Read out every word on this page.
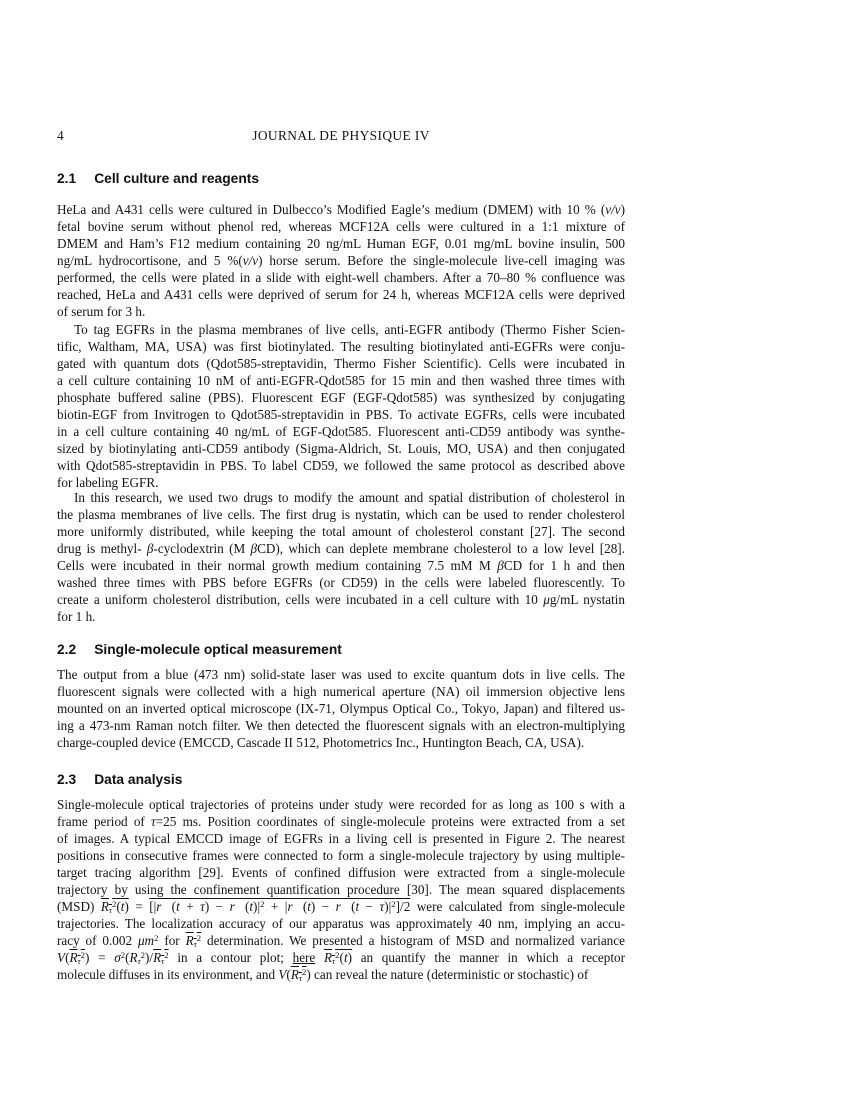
4	JOURNAL DE PHYSIQUE IV
2.1 Cell culture and reagents
HeLa and A431 cells were cultured in Dulbecco’s Modified Eagle’s medium (DMEM) with 10 % (v/v)
fetal bovine serum without phenol red, whereas MCF12A cells were cultured in a 1:1 mixture of
DMEM and Ham’s F12 medium containing 20 ng/mL Human EGF, 0.01 mg/mL bovine insulin, 500
ng/mL hydrocortisone, and 5 %(v/v) horse serum. Before the single-molecule live-cell imaging was
performed, the cells were plated in a slide with eight-well chambers. After a 70–80 % confluence was
reached, HeLa and A431 cells were deprived of serum for 24 h, whereas MCF12A cells were deprived
of serum for 3 h.
To tag EGFRs in the plasma membranes of live cells, anti-EGFR antibody (Thermo Fisher Scien-
tific, Waltham, MA, USA) was first biotinylated. The resulting biotinylated anti-EGFRs were conju-
gated with quantum dots (Qdot585-streptavidin, Thermo Fisher Scientific). Cells were incubated in
a cell culture containing 10 nM of anti-EGFR-Qdot585 for 15 min and then washed three times with
phosphate buffered saline (PBS). Fluorescent EGF (EGF-Qdot585) was synthesized by conjugating
biotin-EGF from Invitrogen to Qdot585-streptavidin in PBS. To activate EGFRs, cells were incubated
in a cell culture containing 40 ng/mL of EGF-Qdot585. Fluorescent anti-CD59 antibody was synthe-
sized by biotinylating anti-CD59 antibody (Sigma-Aldrich, St. Louis, MO, USA) and then conjugated
with Qdot585-streptavidin in PBS. To label CD59, we followed the same protocol as described above
for labeling EGFR.
In this research, we used two drugs to modify the amount and spatial distribution of cholesterol in
the plasma membranes of live cells. The first drug is nystatin, which can be used to render cholesterol
more uniformly distributed, while keeping the total amount of cholesterol constant [27]. The second
drug is methyl- β-cyclodextrin (M βCD), which can deplete membrane cholesterol to a low level [28].
Cells were incubated in their normal growth medium containing 7.5 mM M βCD for 1 h and then
washed three times with PBS before EGFRs (or CD59) in the cells were labeled fluorescently. To
create a uniform cholesterol distribution, cells were incubated in a cell culture with 10 μg/mL nystatin
for 1 h.
2.2 Single-molecule optical measurement
The output from a blue (473 nm) solid-state laser was used to excite quantum dots in live cells. The
fluorescent signals were collected with a high numerical aperture (NA) oil immersion objective lens
mounted on an inverted optical microscope (IX-71, Olympus Optical Co., Tokyo, Japan) and filtered us-
ing a 473-nm Raman notch filter. We then detected the fluorescent signals with an electron-multiplying
charge-coupled device (EMCCD, Cascade II 512, Photometrics Inc., Huntington Beach, CA, USA).
2.3 Data analysis
Single-molecule optical trajectories of proteins under study were recorded for as long as 100 s with a
frame period of τ=25 ms. Position coordinates of single-molecule proteins were extracted from a set
of images. A typical EMCCD image of EGFRs in a living cell is presented in Figure 2. The nearest
positions in consecutive frames were connected to form a single-molecule trajectory by using multiple-
target tracing algorithm [29]. Events of confined diffusion were extracted from a single-molecule
trajectory by using the confinement quantification procedure [30]. The mean squared displacements
(MSD) $R_\tau^2(t)$ = [|r⃗(t + $\tau) - r⃗(t)|^2$ + |r⃗(t) − r⃗(t − $\tau)|^2]/2$ were calculated from single-molecule
trajectories. The localization accuracy of our apparatus was approximately 40 nm, implying an accu-
racy of 0.002 $\mu m^2$ for $R_\tau^2$ determination. We presented a histogram of MSD and normalized variance
$V(R_\tau^2) = \sigma^2(R_\tau^2)/R_\tau^2$ in a contour plot; here $R_\tau^2(t)$ an quantify the manner in which a receptor
molecule diffuses in its environment, and $V(R_\tau^2)$ can reveal the nature (deterministic or stochastic) of
